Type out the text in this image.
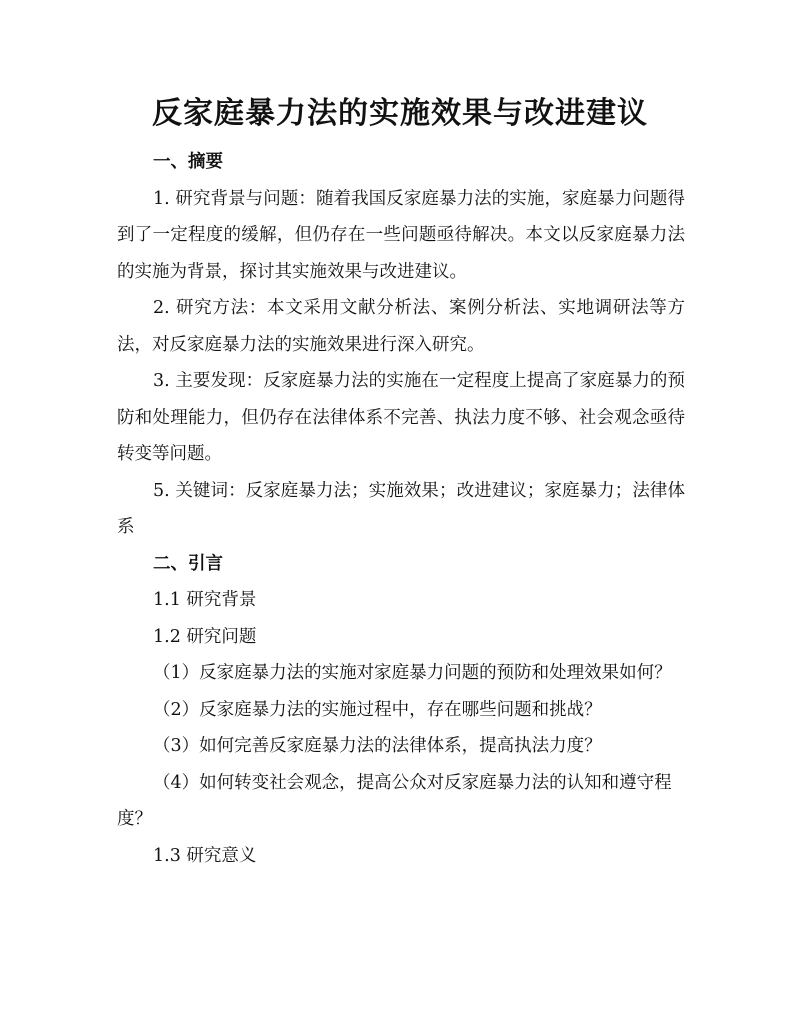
反家庭暴力法的实施效果与改进建议

一、摘要

1. 研究背景与问题：随着我国反家庭暴力法的实施，家庭暴力问题得到了一定程度的缓解，但仍存在一些问题亟待解决。本文以反家庭暴力法的实施为背景，探讨其实施效果与改进建议。

2. 研究方法：本文采用文献分析法、案例分析法、实地调研法等方法，对反家庭暴力法的实施效果进行深入研究。

3. 主要发现：反家庭暴力法的实施在一定程度上提高了家庭暴力的预防和处理能力，但仍存在法律体系不完善、执法力度不够、社会观念亟待转变等问题。

5. 关键词：反家庭暴力法；实施效果；改进建议；家庭暴力；法律体系

二、引言

1.1 研究背景

1.2 研究问题

（1）反家庭暴力法的实施对家庭暴力问题的预防和处理效果如何？

（2）反家庭暴力法的实施过程中，存在哪些问题和挑战？

（3）如何完善反家庭暴力法的法律体系，提高执法力度？

（4）如何转变社会观念，提高公众对反家庭暴力法的认知和遵守程度？

1.3 研究意义
